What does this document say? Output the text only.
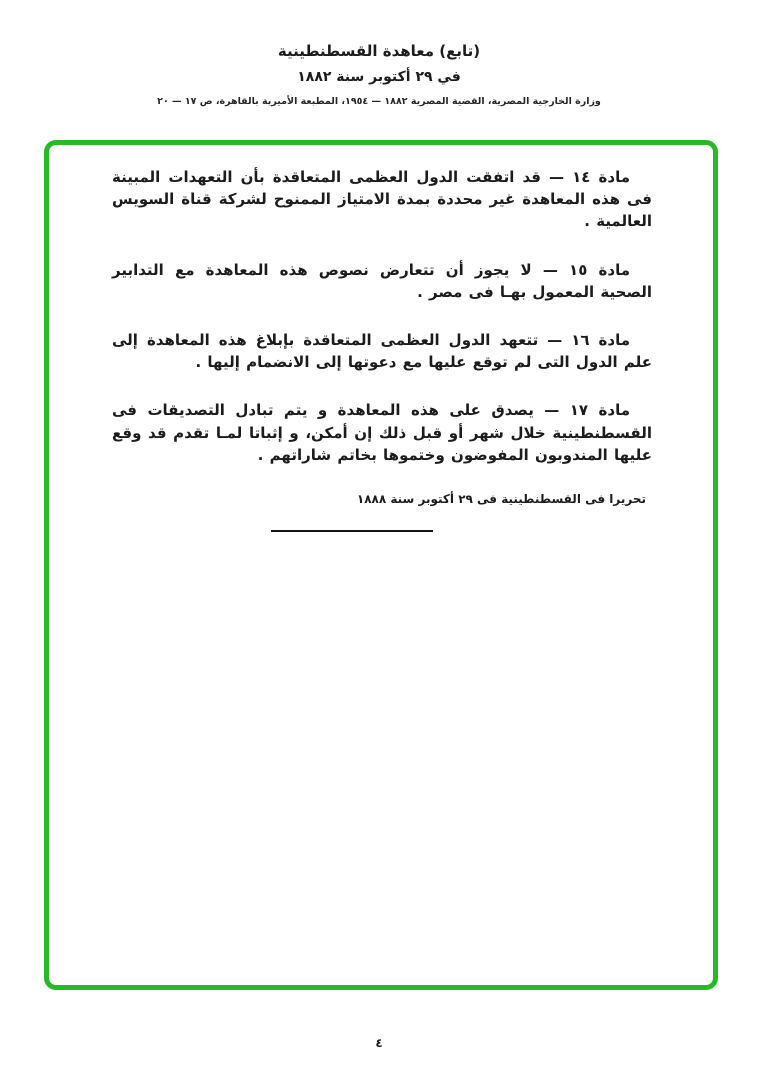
(تابع) معاهدة القسطنطينية

في ٢٩ أكتوبر سنة ١٨٨٢

وزارة الخارجية المصرية، القضية المصرية ١٨٨٢ — ١٩٥٤، المطبعة الأميرية بالقاهرة، ص ١٧ — ٢٠

مادة ١٤ — قد اتفقت الدول العظمى المتعاقدة بأن التعهدات المبينة فى هذه المعاهدة غير محددة بمدة الامتياز الممنوح لشركة قناة السويس العالمية .

مادة ١٥ — لا يجوز أن تتعارض نصوص هذه المعاهدة مع التدابير الصحية المعمول بهـا فى مصر .

مادة ١٦ — تتعهد الدول العظمى المتعاقدة بإبلاغ هذه المعاهدة إلى علم الدول التى لم توقع عليها مع دعوتها إلى الانضمام إليها .

مادة ١٧ — يصدق على هذه المعاهدة و يتم تبادل التصديقات فى القسطنطينية خلال شهر أو قبل ذلك إن أمكن، و إثباتا لمـا تقدم قد وقع عليها المندوبون المفوضون وختموها بخاتم شاراتهم .

تحريرا فى القسطنطينية فى ٢٩ أكتوبر سنة ١٨٨٨

٤
